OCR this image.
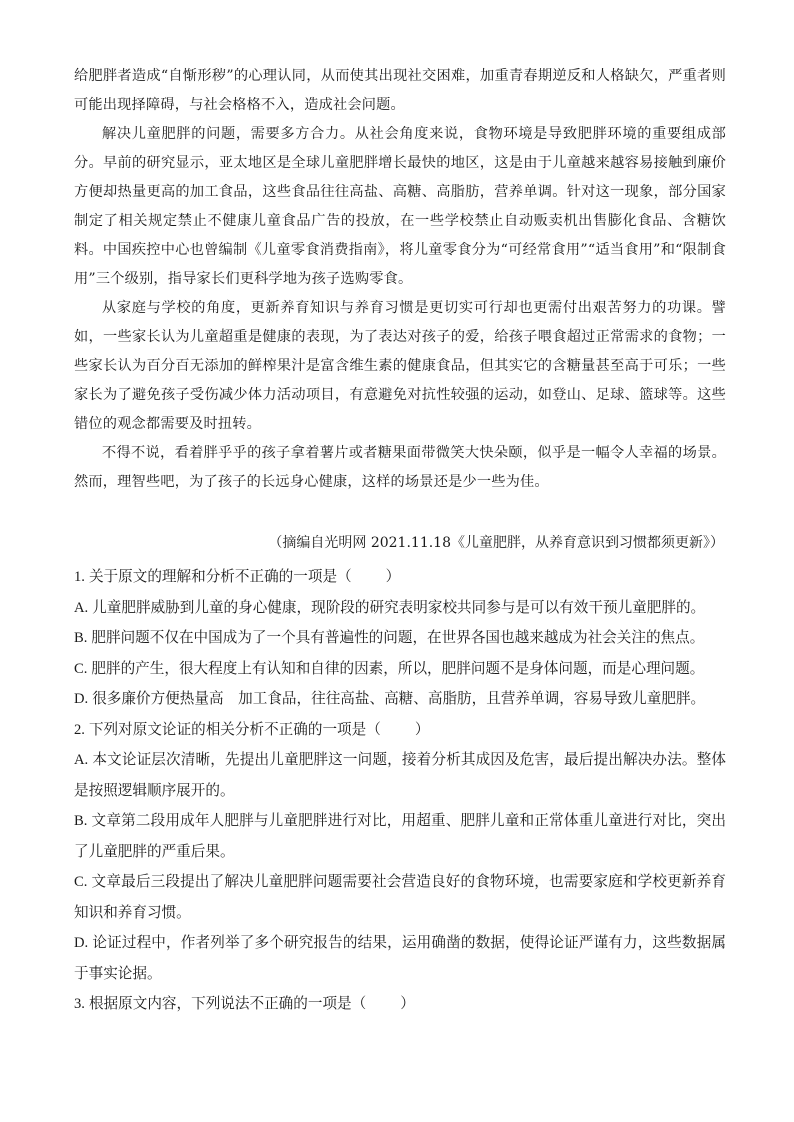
给肥胖者造成“自惭形秽”的心理认同，从而使其出现社交困难，加重青春期逆反和人格缺欠，严重者则可能出现择障碍，与社会格格不入，造成社会问题。

解决儿童肥胖的问题，需要多方合力。从社会角度来说，食物环境是导致肥胖环境的重要组成部分。早前的研究显示，亚太地区是全球儿童肥胖增长最快的地区，这是由于儿童越来越容易接触到廉价方便却热量更高的加工食品，这些食品往往高盐、高糖、高脂肪，营养单调。针对这一现象，部分国家制定了相关规定禁止不健康儿童食品广告的投放，在一些学校禁止自动贩卖机出售膨化食品、含糖饮料。中国疾控中心也曾编制《儿童零食消费指南》，将儿童零食分为“可经常食用”“适当食用”和“限制食用”三个级别，指导家长们更科学地为孩子选购零食。

从家庭与学校的角度，更新养育知识与养育习惯是更切实可行却也更需付出艰苦努力的功课。譬如，一些家长认为儿童超重是健康的表现，为了表达对孩子的爱，给孩子喂食超过正常需求的食物；一些家长认为百分百无添加的鲜榨果汁是富含维生素的健康食品，但其实它的含糖量甚至高于可乐；一些家长为了避免孩子受伤减少体力活动项目，有意避免对抗性较强的运动，如登山、足球、篮球等。这些错位的观念都需要及时扭转。

不得不说，看着胖乎乎的孩子拿着薯片或者糖果面带微笑大快朵颐，似乎是一幅令人幸福的场景。然而，理智些吧，为了孩子的长远身心健康，这样的场景还是少一些为佳。

（摘编自光明网 2021.11.18《儿童肥胖，从养育意识到习惯都须更新》）

1. 关于原文的理解和分析不正确的一项是（ ）

A. 儿童肥胖威胁到儿童的身心健康，现阶段的研究表明家校共同参与是可以有效干预儿童肥胖的。

B. 肥胖问题不仅在中国成为了一个具有普遍性的问题，在世界各国也越来越成为社会关注的焦点。

C. 肥胖的产生，很大程度上有认知和自律的因素，所以，肥胖问题不是身体问题，而是心理问题。

D. 很多廉价方便热量高　加工食品，往往高盐、高糖、高脂肪，且营养单调，容易导致儿童肥胖。

2. 下列对原文论证的相关分析不正确的一项是（ ）

A. 本文论证层次清晰，先提出儿童肥胖这一问题，接着分析其成因及危害，最后提出解决办法。整体是按照逻辑顺序展开的。

B. 文章第二段用成年人肥胖与儿童肥胖进行对比，用超重、肥胖儿童和正常体重儿童进行对比，突出了儿童肥胖的严重后果。

C. 文章最后三段提出了解决儿童肥胖问题需要社会营造良好的食物环境，也需要家庭和学校更新养育知识和养育习惯。

D. 论证过程中，作者列举了多个研究报告的结果，运用确凿的数据，使得论证严谨有力，这些数据属于事实论据。

3. 根据原文内容，下列说法不正确的一项是（ ）
